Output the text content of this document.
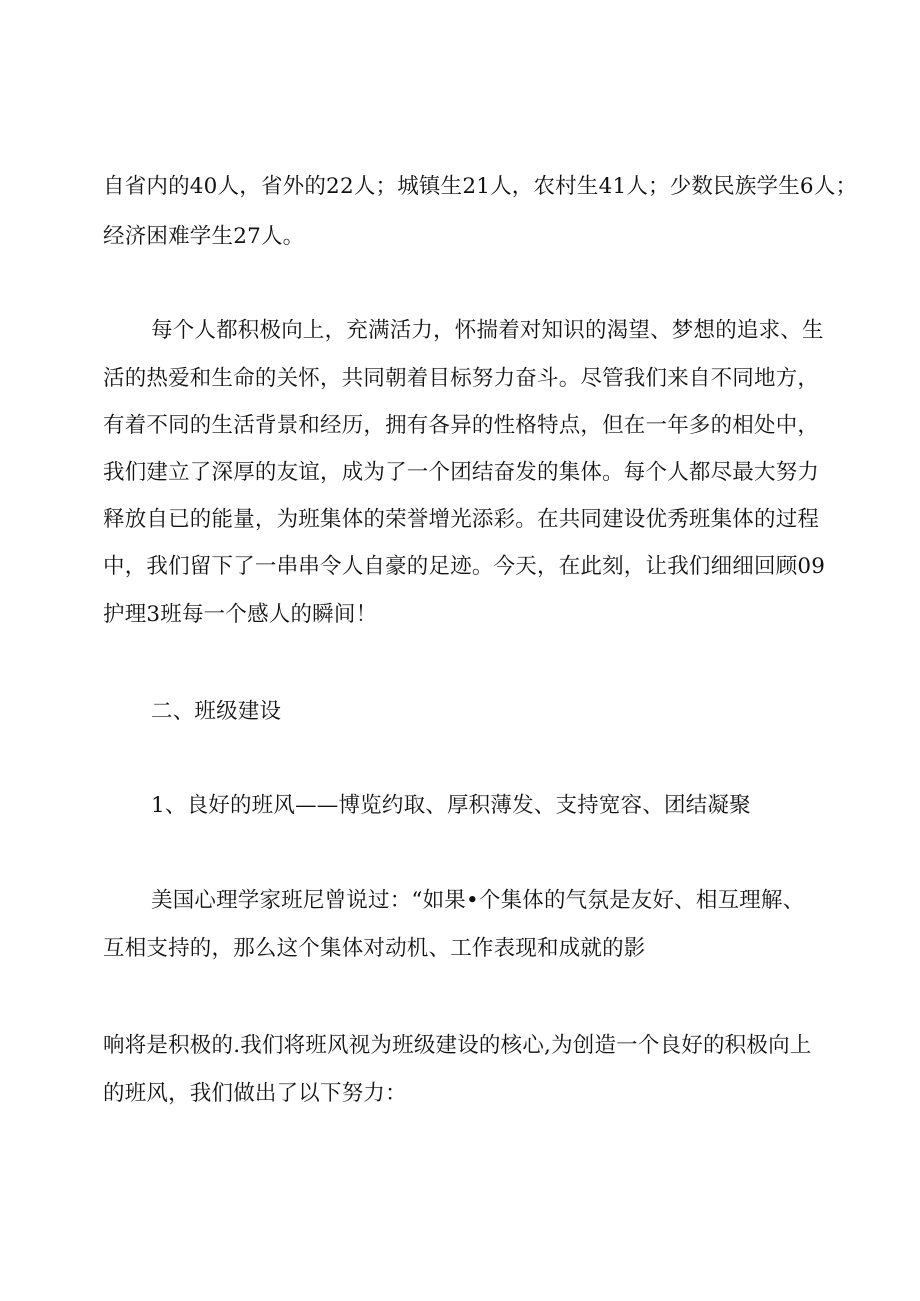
自省内的40人，省外的22人；城镇生21人，农村生41人；少数民族学生6人；
经济困难学生27人。
每个人都积极向上，充满活力，怀揣着对知识的渴望、梦想的追求、生
活的热爱和生命的关怀，共同朝着目标努力奋斗。尽管我们来自不同地方，
有着不同的生活背景和经历，拥有各异的性格特点，但在一年多的相处中，
我们建立了深厚的友谊，成为了一个团结奋发的集体。每个人都尽最大努力
释放自已的能量，为班集体的荣誉增光添彩。在共同建设优秀班集体的过程
中，我们留下了一串串令人自豪的足迹。今天，在此刻，让我们细细回顾09
护理3班每一个感人的瞬间！
二、班级建设
1、良好的班风——博览约取、厚积薄发、支持宽容、团结凝聚
美国心理学家班尼曾说过：“如果•个集体的气氛是友好、相互理解、
互相支持的，那么这个集体对动机、工作表现和成就的影
响将是积极的.我们将班风视为班级建设的核心,为创造一个良好的积极向上
的班风，我们做出了以下努力：
